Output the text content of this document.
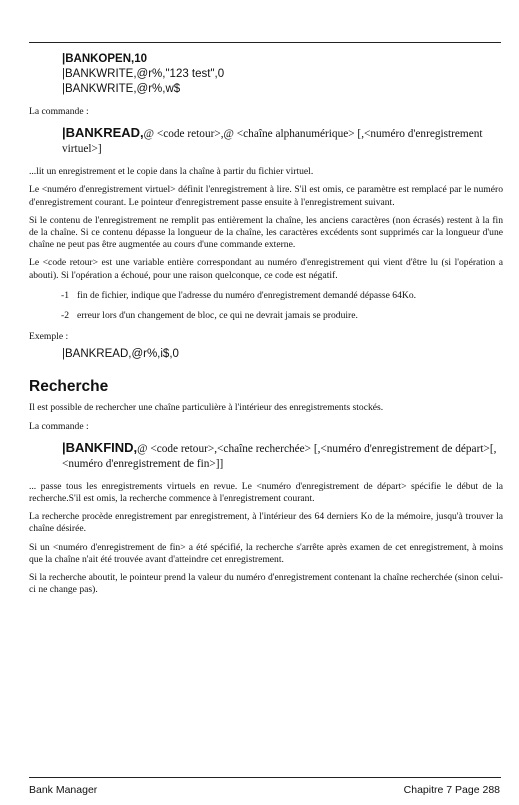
|BANKOPEN,10
|BANKWRITE,@r%,"123 test",0
|BANKWRITE,@r%,w$

La commande :

|BANKREAD,@ <code retour>,@ <chaîne alphanumérique> [,<numéro d'enregistrement virtuel>]

...lit un enregistrement et le copie dans la chaîne à partir du fichier virtuel.

Le <numéro d'enregistrement virtuel> définit l'enregistrement à lire. S'il est omis, ce paramètre est remplacé par le numéro d'enregistrement courant. Le pointeur d'enregistrement passe ensuite à l'enregistrement suivant.

Si le contenu de l'enregistrement ne remplit pas entièrement la chaîne, les anciens caractères (non écrasés) restent à la fin de la chaîne. Si ce contenu dépasse la longueur de la chaîne, les caractères excédents sont supprimés car la longueur d'une chaîne ne peut pas être augmentée au cours d'une commande externe.

Le <code retour> est une variable entière correspondant au numéro d'enregistrement qui vient d'être lu (si l'opération a abouti). Si l'opération a échoué, pour une raison quelconque, ce code est négatif.

-1 fin de fichier, indique que l'adresse du numéro d'enregistrement demandé dépasse 64Ko.
-2 erreur lors d'un changement de bloc, ce qui ne devrait jamais se produire.

Exemple :

|BANKREAD,@r%,i$,0
Recherche

Il est possible de rechercher une chaîne particulière à l'intérieur des enregistrements stockés.

La commande :

|BANKFIND,@ <code retour>,<chaîne recherchée> [,<numéro d'enregistrement de départ>[,<numéro d'enregistrement de fin>]]

... passe tous les enregistrements virtuels en revue. Le <numéro d'enregistrement de départ> spécifie le début de la recherche.S'il est omis, la recherche commence à l'enregistrement courant.

La recherche procède enregistrement par enregistrement, à l'intérieur des 64 derniers Ko de la mémoire, jusqu'à trouver la chaîne désirée.

Si un <numéro d'enregistrement de fin> a été spécifié, la recherche s'arrête après examen de cet enregistrement, à moins que la chaîne n'ait été trouvée avant d'atteindre cet enregistrement.

Si la recherche aboutit, le pointeur prend la valeur du numéro d'enregistrement contenant la chaîne recherchée (sinon celui-ci ne change pas).

Bank Manager	Chapitre 7 Page 288
